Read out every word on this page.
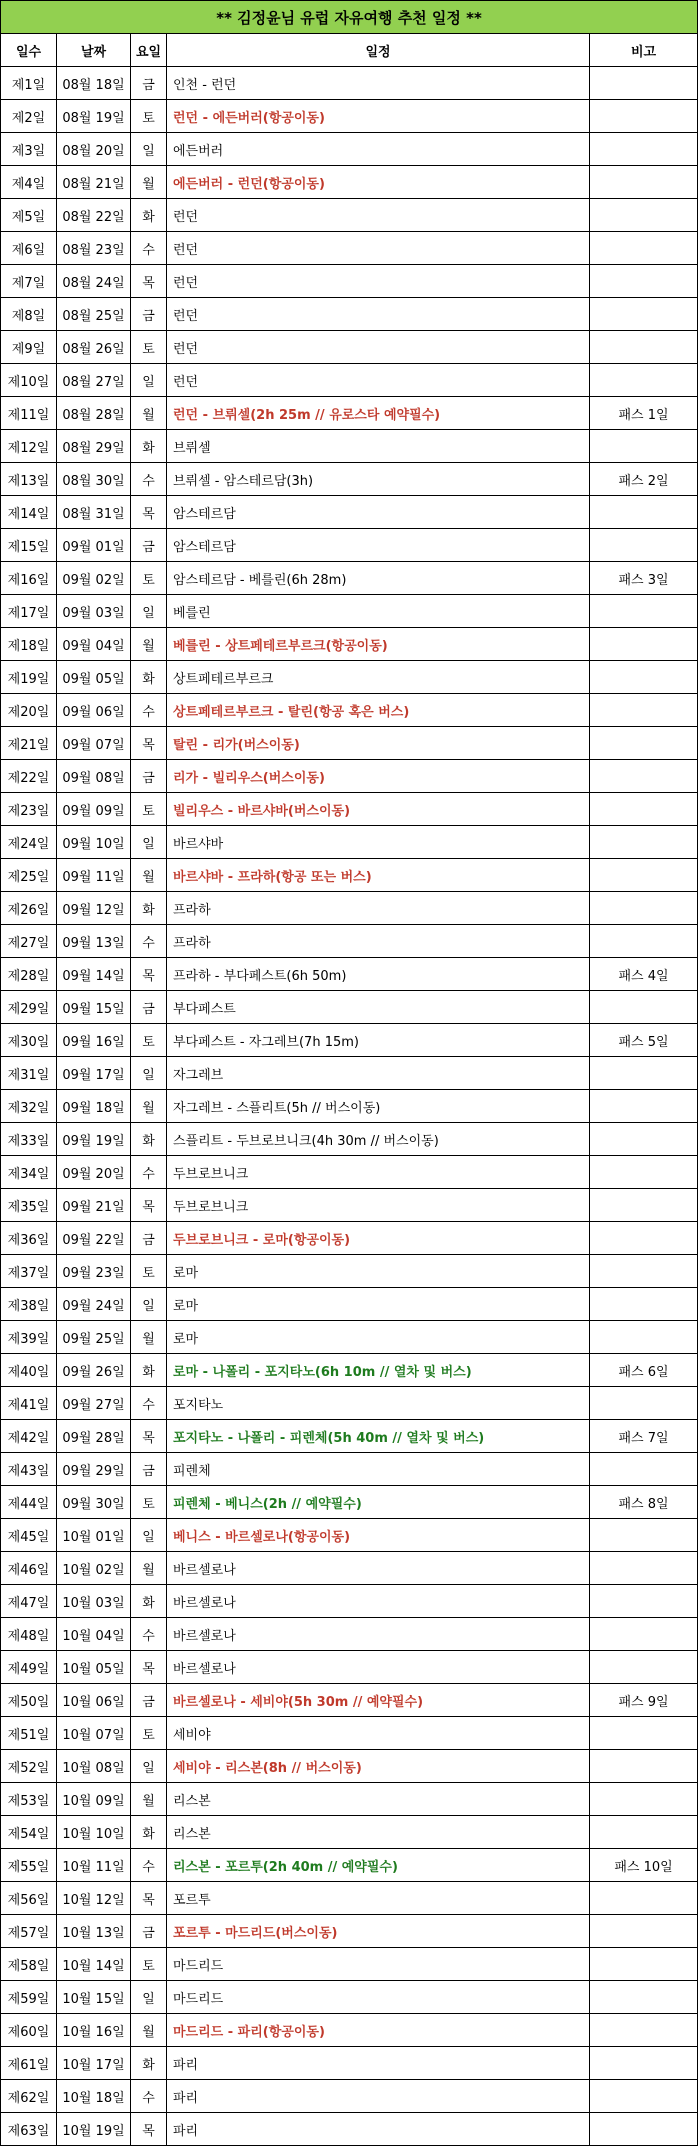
** 김정윤님 유럽 자유여행 추천 일정 **				
일수	날짜	요일	일정	비고
제1일	08월 18일	금	인천 - 런던	
제2일	08월 19일	토	런던 - 에든버러(항공이동)	
제3일	08월 20일	일	에든버러	
제4일	08월 21일	월	에든버러 - 런던(항공이동)	
제5일	08월 22일	화	런던	
제6일	08월 23일	수	런던	
제7일	08월 24일	목	런던	
제8일	08월 25일	금	런던	
제9일	08월 26일	토	런던	
제10일	08월 27일	일	런던	
제11일	08월 28일	월	런던 - 브뤼셀(2h 25m // 유로스타 예약필수)	패스 1일
제12일	08월 29일	화	브뤼셀	
제13일	08월 30일	수	브뤼셀 - 암스테르담(3h)	패스 2일
제14일	08월 31일	목	암스테르담	
제15일	09월 01일	금	암스테르담	
제16일	09월 02일	토	암스테르담 - 베를린(6h 28m)	패스 3일
제17일	09월 03일	일	베를린	
제18일	09월 04일	월	베를린 - 상트페테르부르크(항공이동)	
제19일	09월 05일	화	상트페테르부르크	
제20일	09월 06일	수	상트페테르부르크 - 탈린(항공 혹은 버스)	
제21일	09월 07일	목	탈린 - 리가(버스이동)	
제22일	09월 08일	금	리가 - 빌리우스(버스이동)	
제23일	09월 09일	토	빌리우스 - 바르샤바(버스이동)	
제24일	09월 10일	일	바르샤바	
제25일	09월 11일	월	바르샤바 - 프라하(항공 또는 버스)	
제26일	09월 12일	화	프라하	
제27일	09월 13일	수	프라하	
제28일	09월 14일	목	프라하 - 부다페스트(6h 50m)	패스 4일
제29일	09월 15일	금	부다페스트	
제30일	09월 16일	토	부다페스트 - 자그레브(7h 15m)	패스 5일
제31일	09월 17일	일	자그레브	
제32일	09월 18일	월	자그레브 - 스플리트(5h // 버스이동)	
제33일	09월 19일	화	스플리트 - 두브로브니크(4h 30m // 버스이동)	
제34일	09월 20일	수	두브로브니크	
제35일	09월 21일	목	두브로브니크	
제36일	09월 22일	금	두브로브니크 - 로마(항공이동)	
제37일	09월 23일	토	로마	
제38일	09월 24일	일	로마	
제39일	09월 25일	월	로마	
제40일	09월 26일	화	로마 - 나폴리 - 포지타노(6h 10m // 열차 및 버스)	패스 6일
제41일	09월 27일	수	포지타노	
제42일	09월 28일	목	포지타노 - 나폴리 - 피렌체(5h 40m // 열차 및 버스)	패스 7일
제43일	09월 29일	금	피렌체	
제44일	09월 30일	토	피렌체 - 베니스(2h // 예약필수)	패스 8일
제45일	10월 01일	일	베니스 - 바르셀로나(항공이동)	
제46일	10월 02일	월	바르셀로나	
제47일	10월 03일	화	바르셀로나	
제48일	10월 04일	수	바르셀로나	
제49일	10월 05일	목	바르셀로나	
제50일	10월 06일	금	바르셀로나 - 세비야(5h 30m // 예약필수)	패스 9일
제51일	10월 07일	토	세비야	
제52일	10월 08일	일	세비야 - 리스본(8h // 버스이동)	
제53일	10월 09일	월	리스본	
제54일	10월 10일	화	리스본	
제55일	10월 11일	수	리스본 - 포르투(2h 40m // 예약필수)	패스 10일
제56일	10월 12일	목	포르투	
제57일	10월 13일	금	포르투 - 마드리드(버스이동)	
제58일	10월 14일	토	마드리드	
제59일	10월 15일	일	마드리드	
제60일	10월 16일	월	마드리드 - 파리(항공이동)	
제61일	10월 17일	화	파리	
제62일	10월 18일	수	파리	
제63일	10월 19일	목	파리	
